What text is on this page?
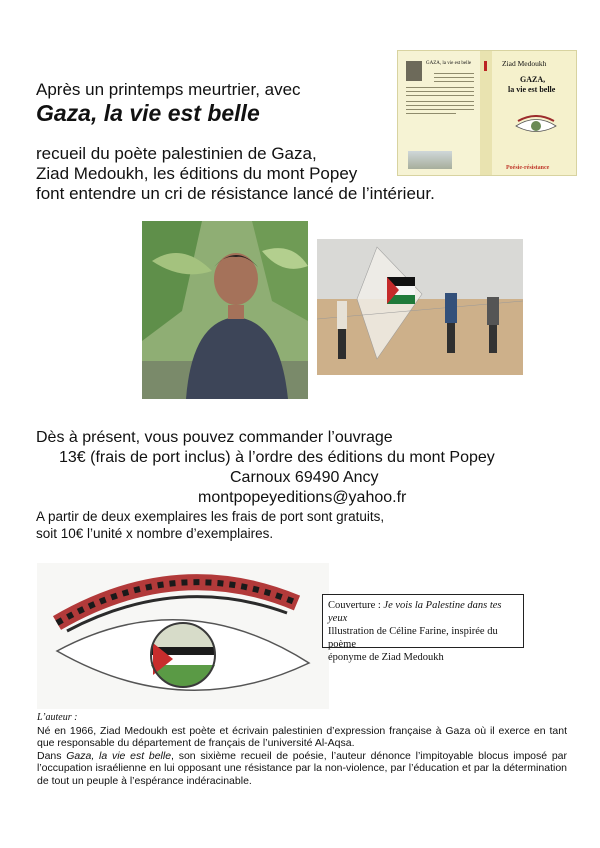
Après un printemps meurtrier, avec
Gaza, la vie est belle
recueil du poète palestinien de Gaza,
Ziad Medoukh, les éditions du mont Popey
font entendre un cri de résistance lancé de l’intérieur.
GAZA, la vie est belle	Ziad Medoukh
GAZA,
la vie est belle
Poésie-résistance
Dès à présent, vous pouvez commander l’ouvrage
13€ (frais de port inclus) à l’ordre des éditions du mont Popey
Carnoux 69490 Ancy
montpopeyeditions@yahoo.fr
A partir de deux exemplaires les frais de port sont gratuits,
soit 10€ l’unité x nombre d’exemplaires.
Couverture : Je vois la Palestine dans tes yeux
Illustration de Céline Farine, inspirée du poème
éponyme de Ziad Medoukh
L’auteur :
Né en 1966, Ziad Medoukh est poète et écrivain palestinien d’expression française à Gaza où il exerce en tant que responsable du département de français de l’université Al-Aqsa.
Dans Gaza, la vie est belle, son sixième recueil de poésie, l’auteur dénonce l’impitoyable blocus imposé par l’occupation israélienne en lui opposant une résistance par la non-violence, par l’éducation et par la détermination de tout un peuple à l’espérance indéracinable.
